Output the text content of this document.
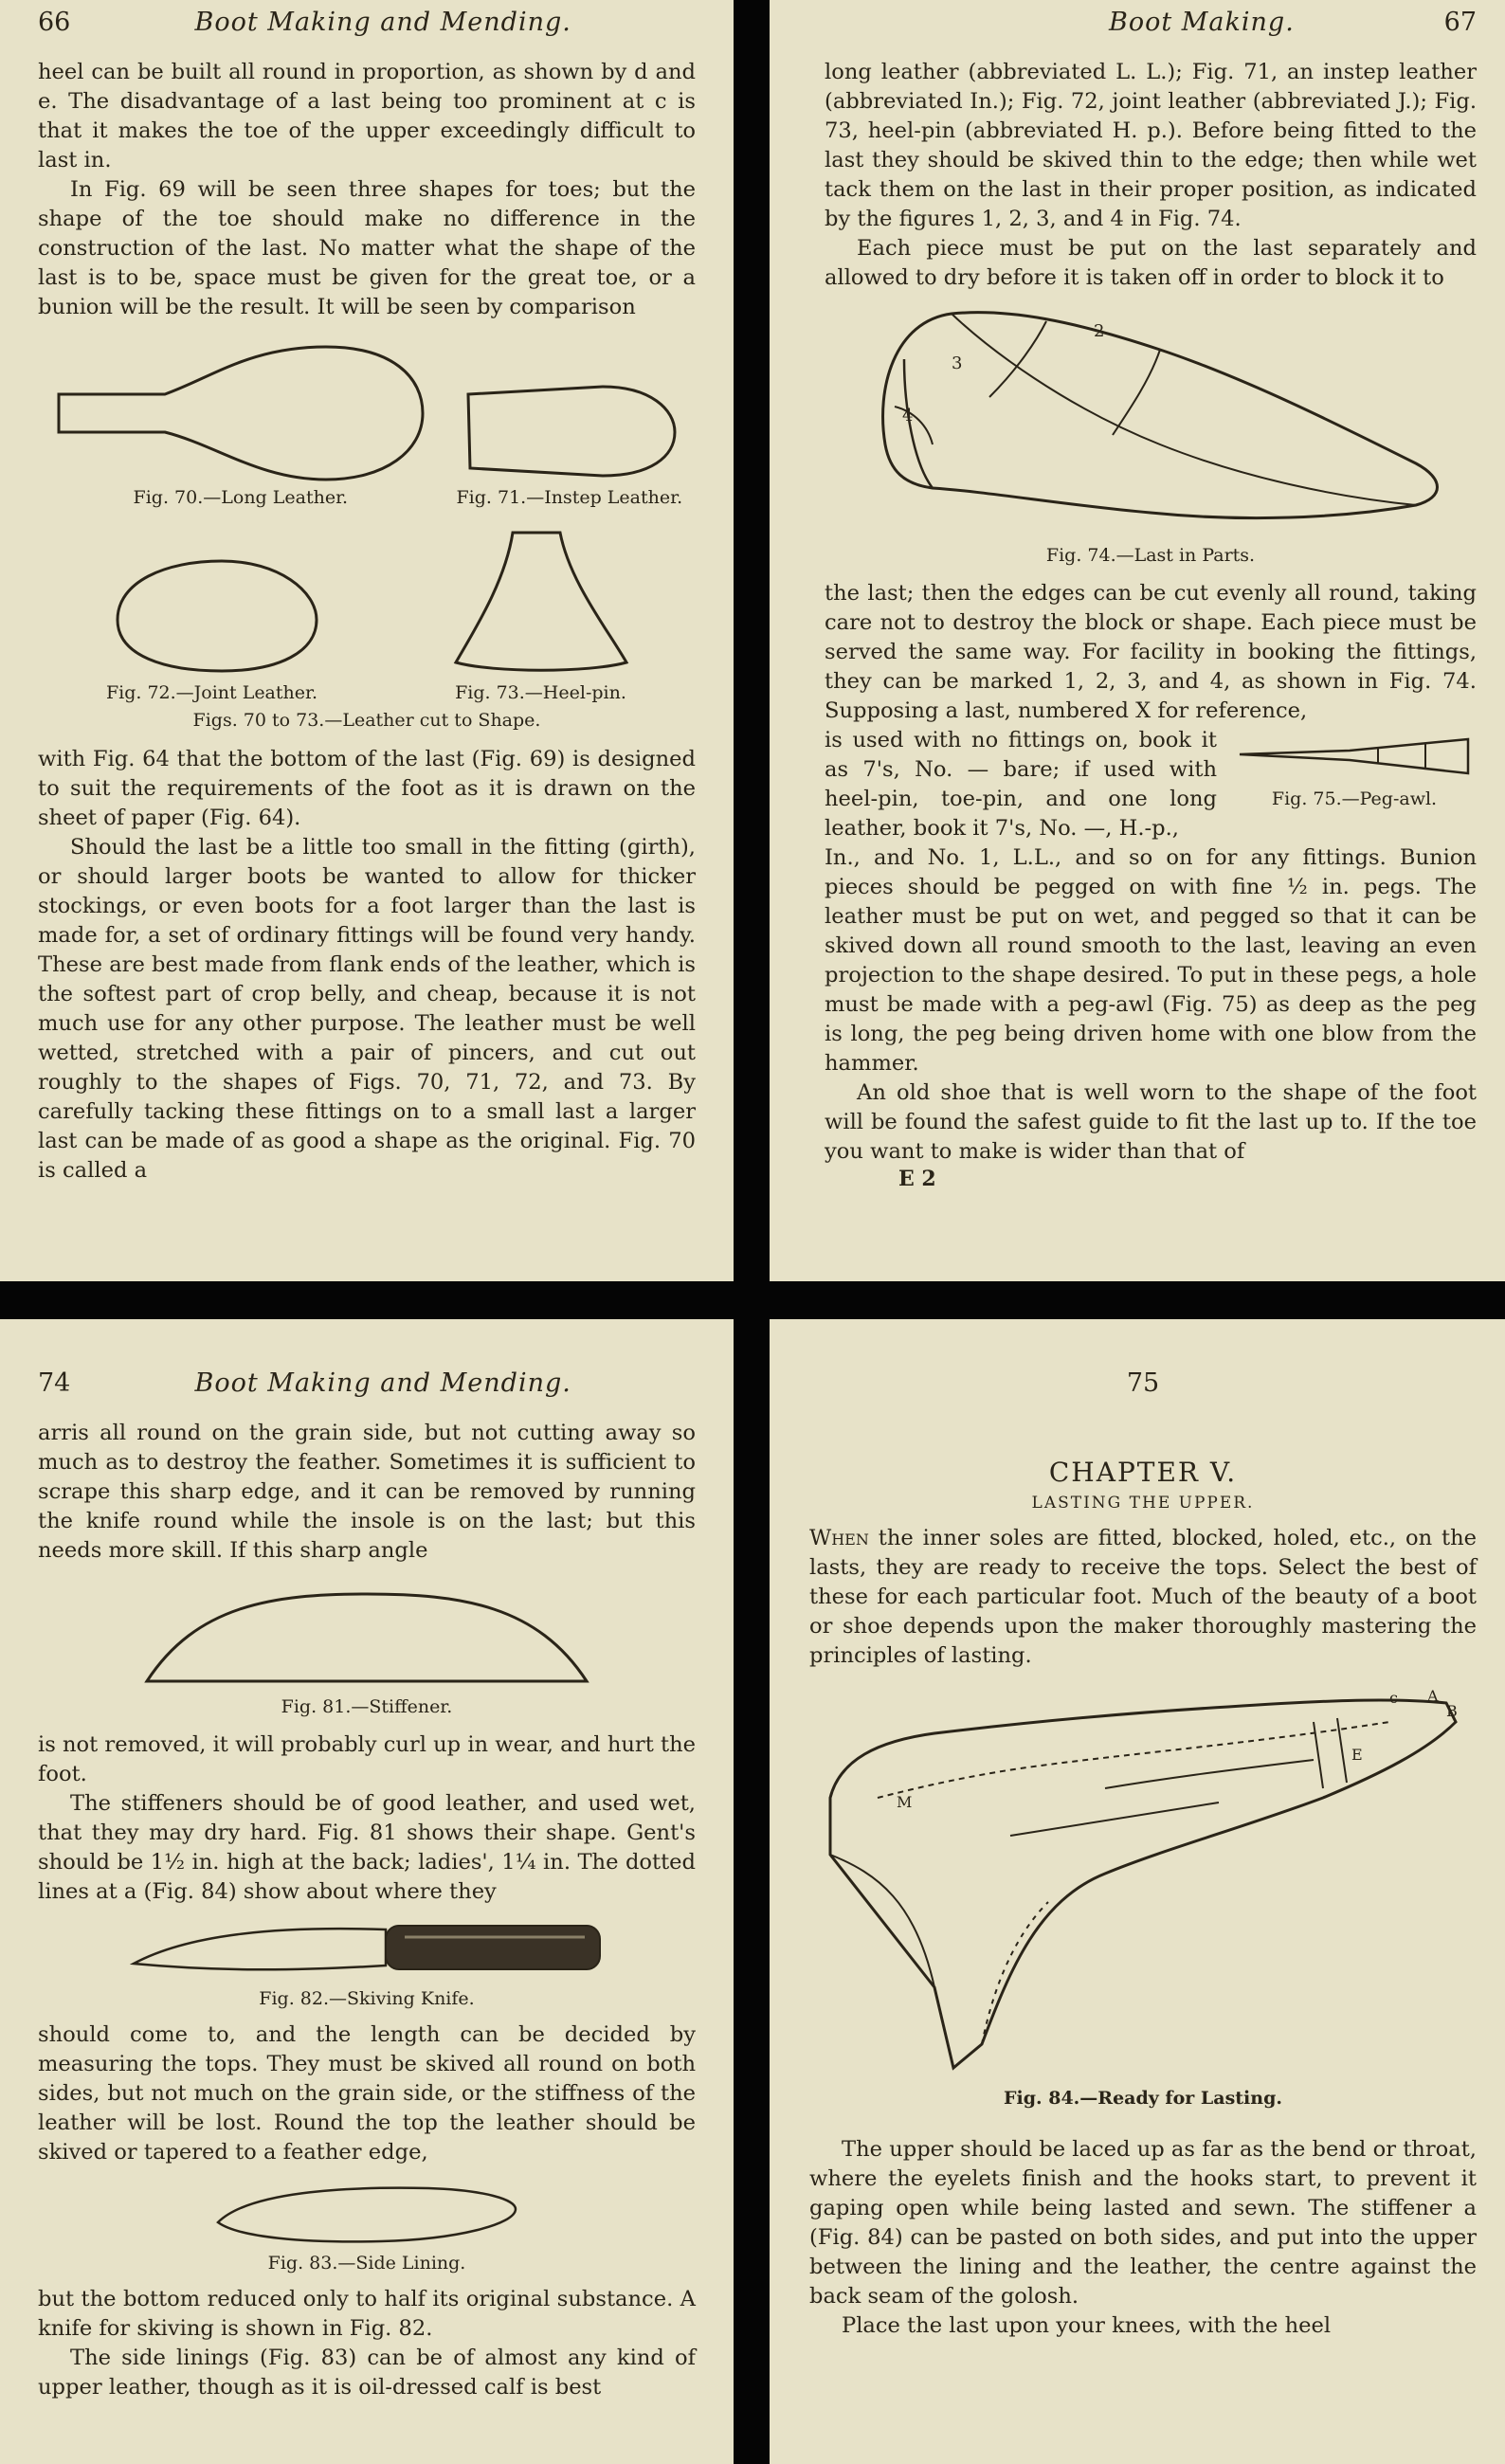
66	Boot Making and Mending.

heel can be built all round in proportion, as shown by d and e. The disadvantage of a last being too prominent at c is that it makes the toe of the upper exceedingly difficult to last in.

In Fig. 69 will be seen three shapes for toes; but the shape of the toe should make no difference in the construction of the last. No matter what the shape of the last is to be, space must be given for the great toe, or a bunion will be the result. It will be seen by comparison

Fig. 70.—Long Leather.	Fig. 71.—Instep Leather.
Fig. 72.—Joint Leather.	Fig. 73.—Heel-pin.
Figs. 70 to 73.—Leather cut to Shape.

with Fig. 64 that the bottom of the last (Fig. 69) is designed to suit the requirements of the foot as it is drawn on the sheet of paper (Fig. 64).

Should the last be a little too small in the fitting (girth), or should larger boots be wanted to allow for thicker stockings, or even boots for a foot larger than the last is made for, a set of ordinary fittings will be found very handy. These are best made from flank ends of the leather, which is the softest part of crop belly, and cheap, because it is not much use for any other purpose. The leather must be well wetted, stretched with a pair of pincers, and cut out roughly to the shapes of Figs. 70, 71, 72, and 73. By carefully tacking these fittings on to a small last a larger last can be made of as good a shape as the original. Fig. 70 is called a

Boot Making.	67

long leather (abbreviated L. L.); Fig. 71, an instep leather (abbreviated In.); Fig. 72, joint leather (abbreviated J.); Fig. 73, heel-pin (abbreviated H. p.). Before being fitted to the last they should be skived thin to the edge; then while wet tack them on the last in their proper position, as indicated by the figures 1, 2, 3, and 4 in Fig. 74.

Each piece must be put on the last separately and allowed to dry before it is taken off in order to block it to

4
3
2
Fig. 74.—Last in Parts.

the last; then the edges can be cut evenly all round, taking care not to destroy the block or shape. Each piece must be served the same way. For facility in booking the fittings, they can be marked 1, 2, 3, and 4, as shown in Fig. 74. Supposing a last, numbered X for reference,

is used with no fittings on, book it as 7's, No. — bare; if used with heel-pin, toe-pin, and one long leather, book it 7's, No. —, H.-p.,

Fig. 75.—Peg-awl.

In., and No. 1, L.L., and so on for any fittings. Bunion pieces should be pegged on with fine ½ in. pegs. The leather must be put on wet, and pegged so that it can be skived down all round smooth to the last, leaving an even projection to the shape desired. To put in these pegs, a hole must be made with a peg-awl (Fig. 75) as deep as the peg is long, the peg being driven home with one blow from the hammer.

An old shoe that is well worn to the shape of the foot will be found the safest guide to fit the last up to. If the toe you want to make is wider than that of

E 2
74	Boot Making and Mending.

arris all round on the grain side, but not cutting away so much as to destroy the feather. Sometimes it is sufficient to scrape this sharp edge, and it can be removed by running the knife round while the insole is on the last; but this needs more skill. If this sharp angle

Fig. 81.—Stiffener.

is not removed, it will probably curl up in wear, and hurt the foot.

The stiffeners should be of good leather, and used wet, that they may dry hard. Fig. 81 shows their shape. Gent's should be 1½ in. high at the back; ladies', 1¼ in. The dotted lines at a (Fig. 84) show about where they

Fig. 82.—Skiving Knife.

should come to, and the length can be decided by measuring the tops. They must be skived all round on both sides, but not much on the grain side, or the stiffness of the leather will be lost. Round the top the leather should be skived or tapered to a feather edge,

Fig. 83.—Side Lining.

but the bottom reduced only to half its original substance. A knife for skiving is shown in Fig. 82.

The side linings (Fig. 83) can be of almost any kind of upper leather, though as it is oil-dressed calf is best

75
CHAPTER V.
LASTING THE UPPER.

When the inner soles are fitted, blocked, holed, etc., on the lasts, they are ready to receive the tops. Select the best of these for each particular foot. Much of the beauty of a boot or shoe depends upon the maker thoroughly mastering the principles of lasting.

c A
B
E
M
Fig. 84.—Ready for Lasting.

The upper should be laced up as far as the bend or throat, where the eyelets finish and the hooks start, to prevent it gaping open while being lasted and sewn. The stiffener a (Fig. 84) can be pasted on both sides, and put into the upper between the lining and the leather, the centre against the back seam of the golosh.

Place the last upon your knees, with the heel
